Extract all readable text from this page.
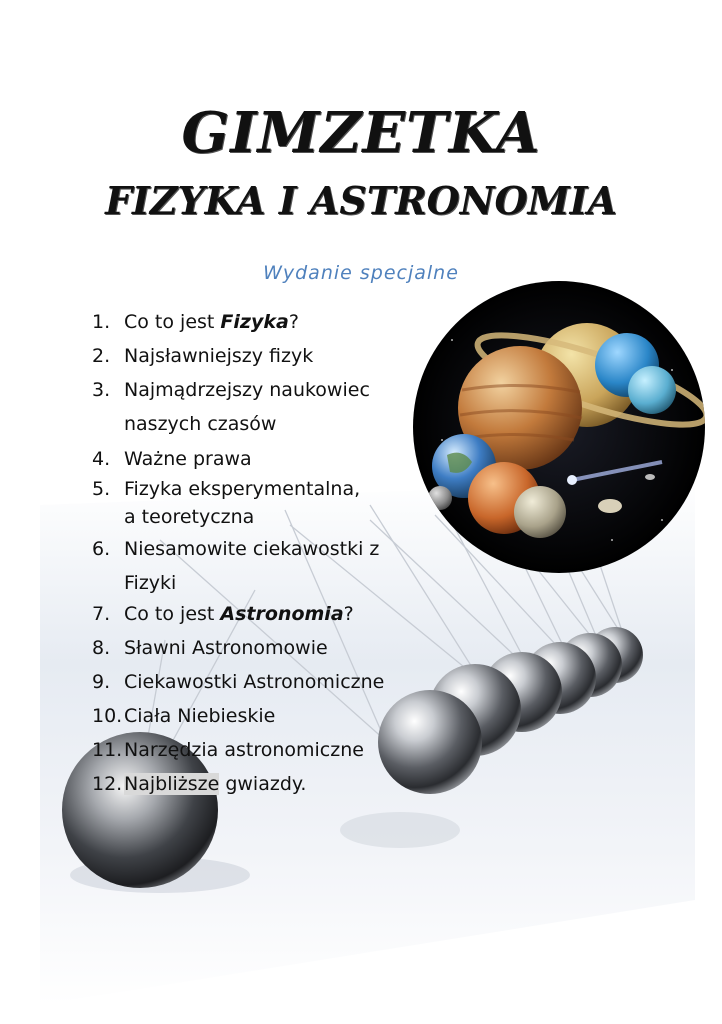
GIMZETKA
FIZYKA I ASTRONOMIA
Wydanie specjalne
1. Co to jest Fizyka?
2. Najsławniejszy fizyk
3. Najmądrzejszy naukowiec
naszych czasów
4. Ważne prawa
5. Fizyka eksperymentalna,
a teoretyczna
6. Niesamowite ciekawostki z
Fizyki
7. Co to jest Astronomia?
8. Sławni Astronomowie
9. Ciekawostki Astronomiczne
10.Ciała Niebieskie
11.Narzędzia astronomiczne
12.Najbliższe gwiazdy.
